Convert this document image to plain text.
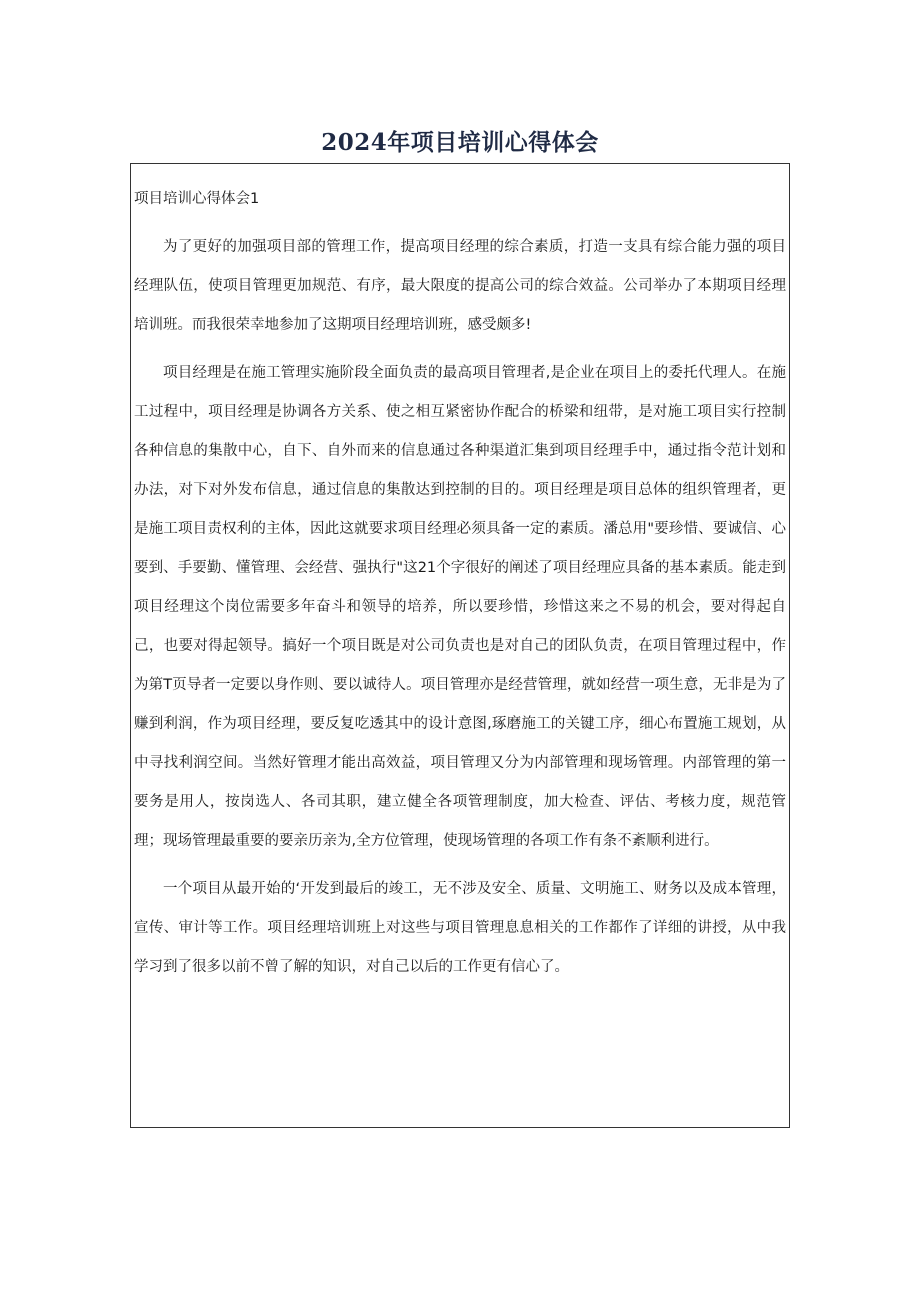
2024年项目培训心得体会
项目培训心得体会1

为了更好的加强项目部的管理工作，提高项目经理的综合素质，打造一支具有综合能力强的项目经理队伍，使项目管理更加规范、有序，最大限度的提高公司的综合效益。公司举办了本期项目经理培训班。而我很荣幸地参加了这期项目经理培训班，感受颇多!

项目经理是在施工管理实施阶段全面负责的最高项目管理者,是企业在项目上的委托代理人。在施工过程中，项目经理是协调各方关系、使之相互紧密协作配合的桥梁和纽带，是对施工项目实行控制各种信息的集散中心，自下、自外而来的信息通过各种渠道汇集到项目经理手中，通过指令范计划和办法，对下对外发布信息，通过信息的集散达到控制的目的。项目经理是项目总体的组织管理者，更是施工项目责权利的主体，因此这就要求项目经理必须具备一定的素质。潘总用"要珍惜、要诚信、心要到、手要勤、懂管理、会经营、强执行"这21个字很好的阐述了项目经理应具备的基本素质。能走到项目经理这个岗位需要多年奋斗和领导的培养，所以要珍惜，珍惜这来之不易的机会，要对得起自己，也要对得起领导。搞好一个项目既是对公司负责也是对自己的团队负责，在项目管理过程中，作为第T页导者一定要以身作则、要以诚待人。项目管理亦是经营管理，就如经营一项生意，无非是为了赚到利润，作为项目经理，要反复吃透其中的设计意图,琢磨施工的关键工序，细心布置施工规划，从中寻找利润空间。当然好管理才能出高效益，项目管理又分为内部管理和现场管理。内部管理的第一要务是用人，按岗选人、各司其职，建立健全各项管理制度，加大检查、评估、考核力度，规范管理；现场管理最重要的要亲历亲为,全方位管理，使现场管理的各项工作有条不紊顺利进行。

一个项目从最开始的‘开发到最后的竣工，无不涉及安全、质量、文明施工、财务以及成本管理，宣传、审计等工作。项目经理培训班上对这些与项目管理息息相关的工作都作了详细的讲授，从中我学习到了很多以前不曾了解的知识，对自己以后的工作更有信心了。
